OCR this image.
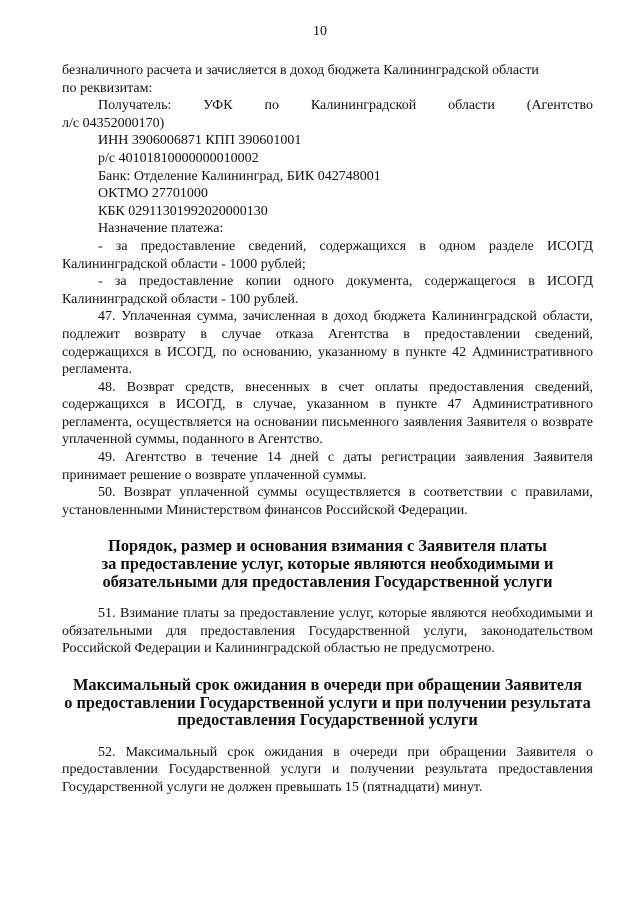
10

безналичного расчета и зачисляется в доход бюджета Калининградской области

по реквизитам:

Получатель: УФК по Калининградской области (Агентство

л/с 04352000170)

ИНН 3906006871 КПП 390601001

р/с 40101810000000010002

Банк: Отделение Калининград, БИК 042748001

ОКТМО 27701000

КБК 02911301992020000130

Назначение платежа:

- за предоставление сведений, содержащихся в одном разделе ИСОГД Калининградской области - 1000 рублей;

- за предоставление копии одного документа, содержащегося в ИСОГД Калининградской области - 100 рублей.

47. Уплаченная сумма, зачисленная в доход бюджета Калининградской области, подлежит возврату в случае отказа Агентства в предоставлении сведений, содержащихся в ИСОГД, по основанию, указанному в пункте 42 Административного регламента.

48. Возврат средств, внесенных в счет оплаты предоставления сведений, содержащихся в ИСОГД, в случае, указанном в пункте 47 Административного регламента, осуществляется на основании письменного заявления Заявителя о возврате уплаченной суммы, поданного в Агентство.

49. Агентство в течение 14 дней с даты регистрации заявления Заявителя принимает решение о возврате уплаченной суммы.

50. Возврат уплаченной суммы осуществляется в соответствии с правилами, установленными Министерством финансов Российской Федерации.

Порядок, размер и основания взимания с Заявителя платы
за предоставление услуг, которые являются необходимыми и
обязательными для предоставления Государственной услуги

51. Взимание платы за предоставление услуг, которые являются необходимыми и обязательными для предоставления Государственной услуги, законодательством Российской Федерации и Калининградской областью не предусмотрено.

Максимальный срок ожидания в очереди при обращении Заявителя
о предоставлении Государственной услуги и при получении результата
предоставления Государственной услуги

52. Максимальный срок ожидания в очереди при обращении Заявителя о предоставлении Государственной услуги и получении результата предоставления Государственной услуги не должен превышать 15 (пятнадцати) минут.
